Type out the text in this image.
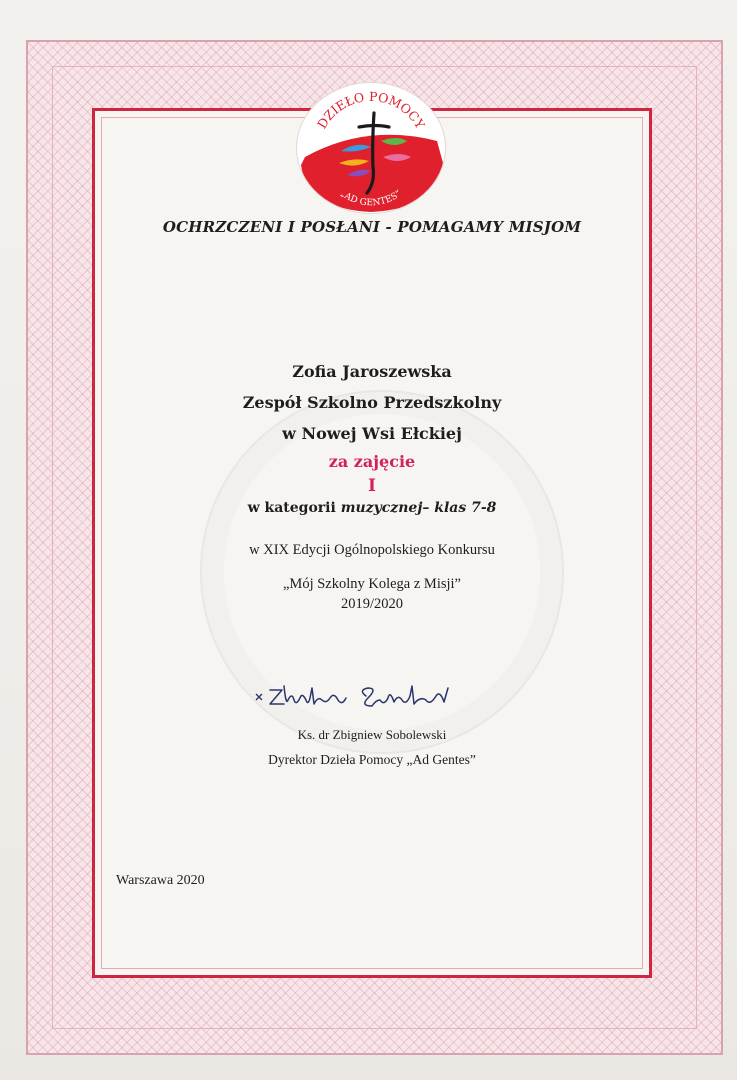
DZIEŁO POMOCY
„AD GENTES”
OCHRZCZENI I POSŁANI - POMAGAMY MISJOM
Zofia Jaroszewska
Zespół Szkolno Przedszkolny
w Nowej Wsi Ełckiej
za zajęcie
I
w kategorii muzycznej– klas 7-8
w XIX Edycji Ogólnopolskiego Konkursu
„Mój Szkolny Kolega z Misji”
2019/2020
Ks. dr Zbigniew Sobolewski
Dyrektor Dzieła Pomocy „Ad Gentes”
Warszawa 2020
